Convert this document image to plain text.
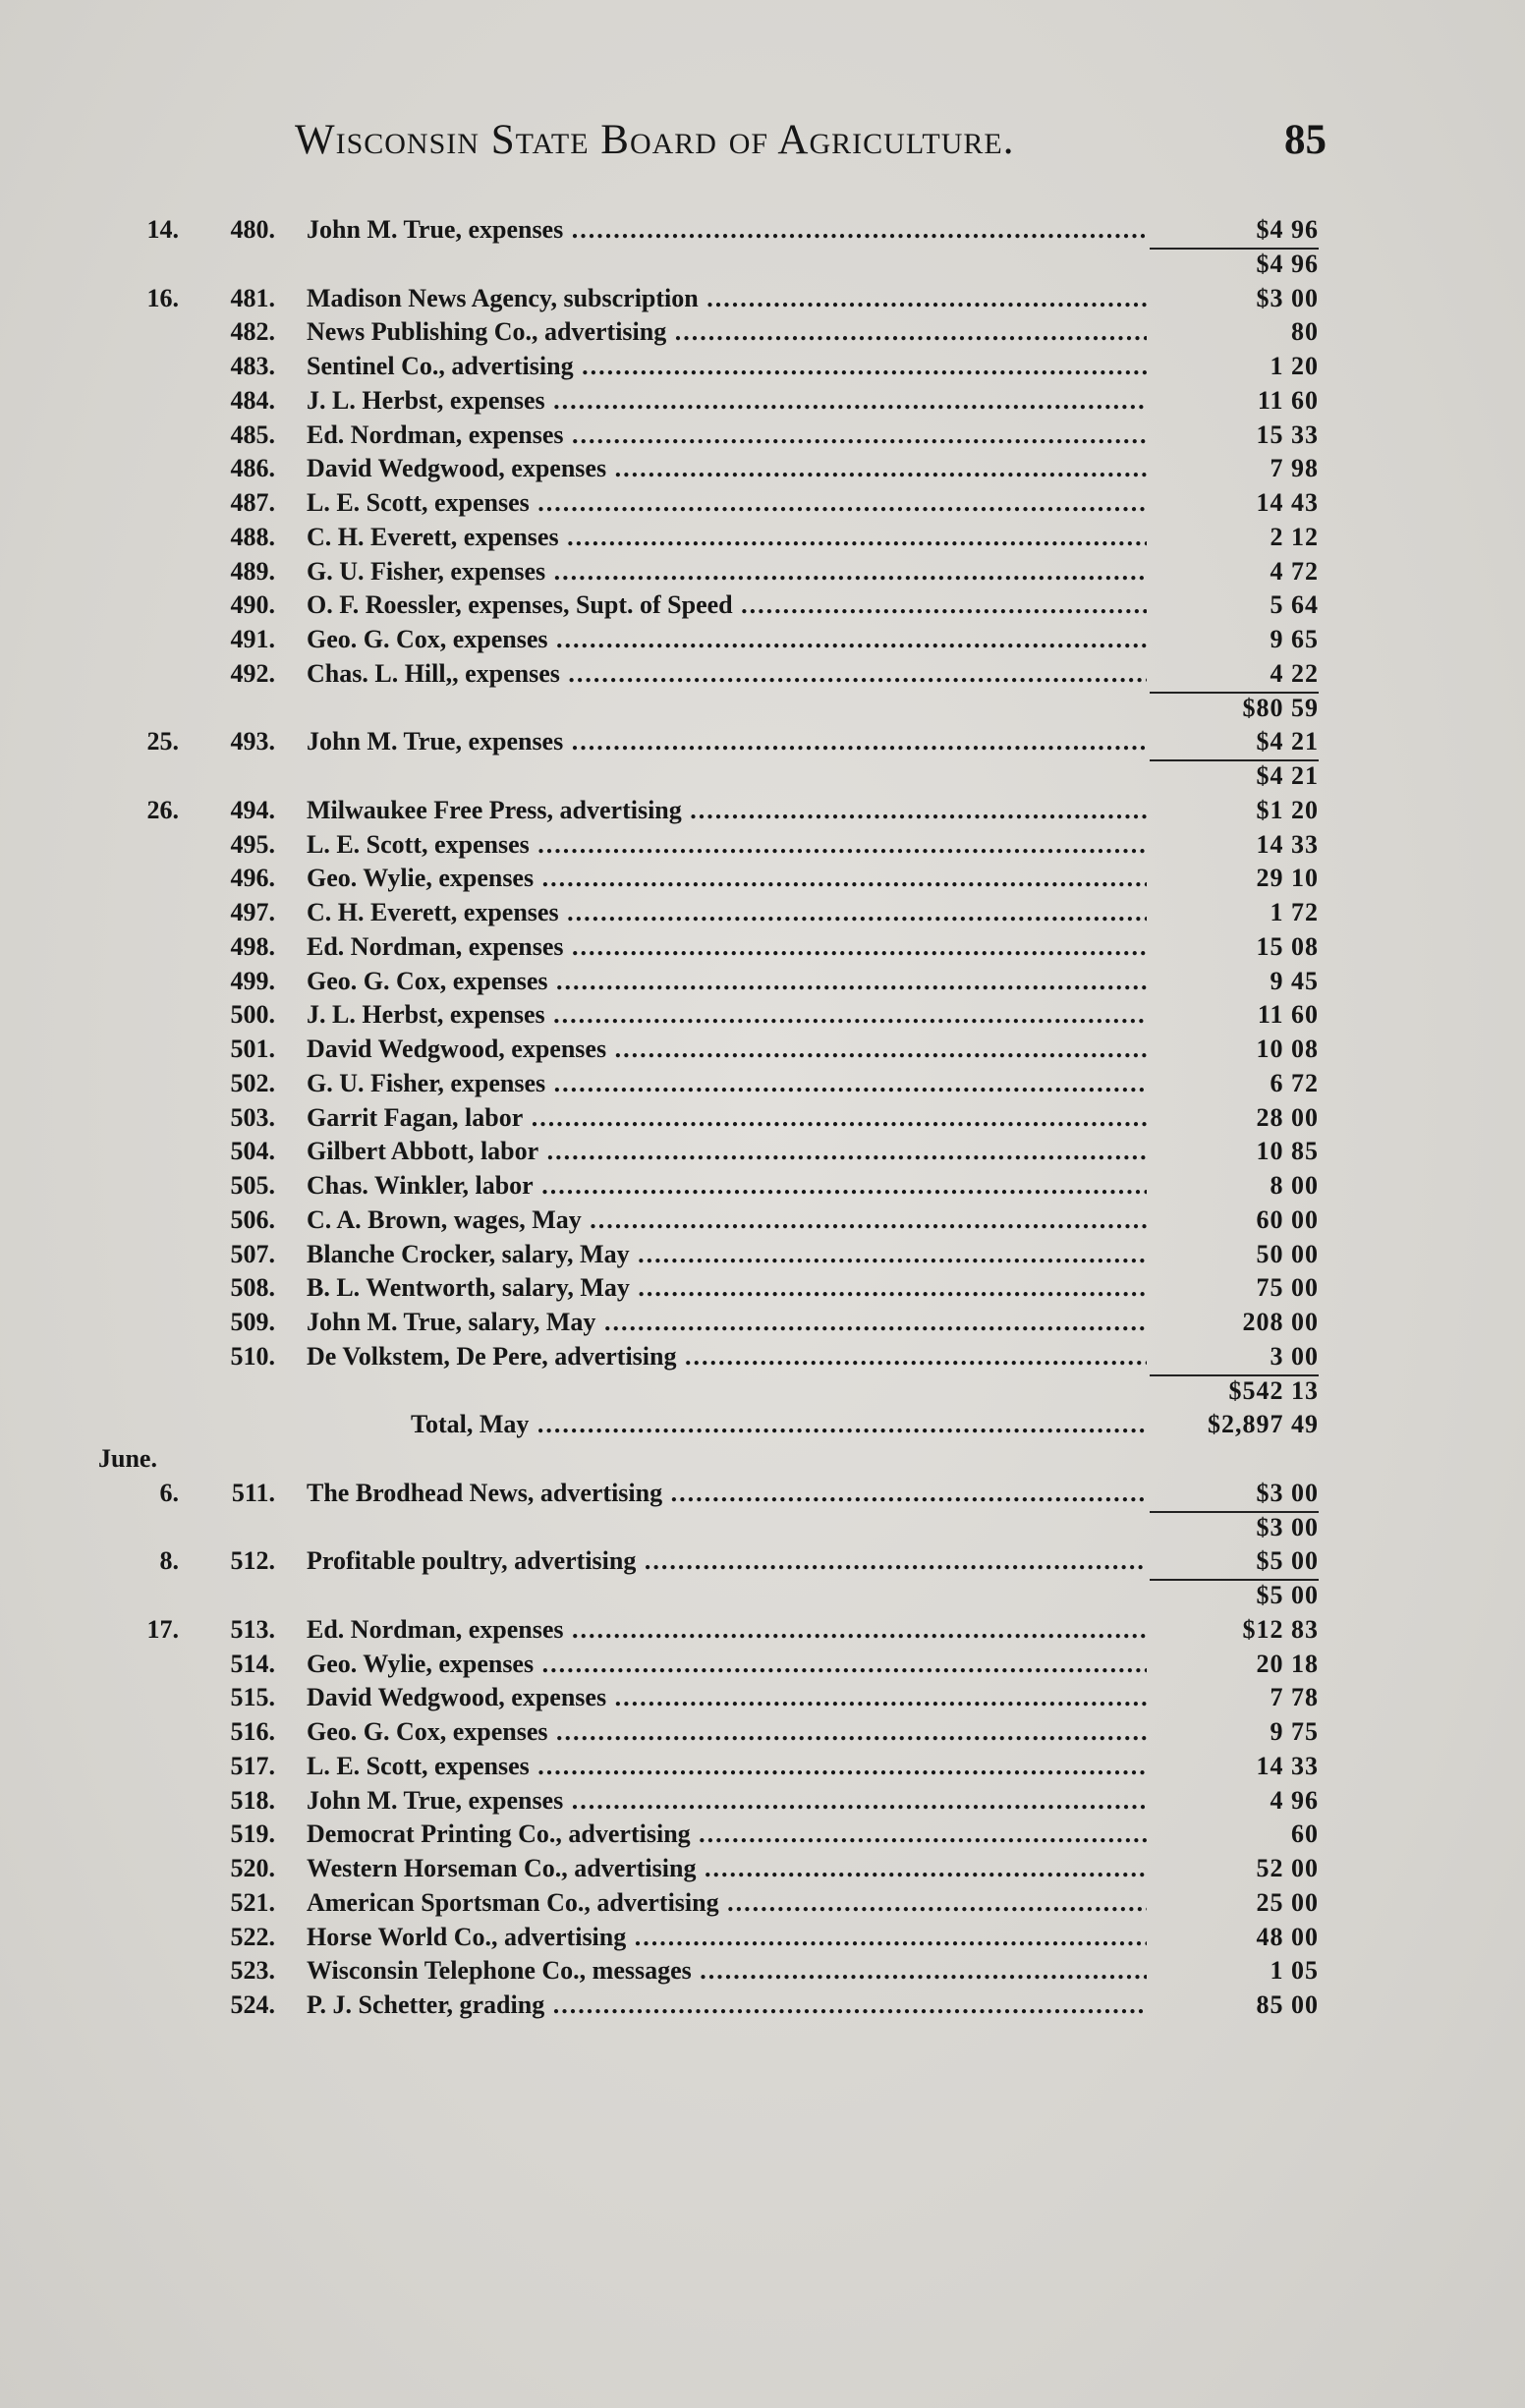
Wisconsin State Board of Agriculture.	85
14. 480. John M. True, expenses .....	$4 96
$4 96
16. 481. Madison News Agency, subscription .....	$3 00
482. News Publishing Co., advertising .....	80
483. Sentinel Co., advertising .....	1 20
484. J. L. Herbst, expenses .....	11 60
485. Ed. Nordman, expenses .....	15 33
486. David Wedgwood, expenses .....	7 98
487. L. E. Scott, expenses .....	14 43
488. C. H. Everett, expenses .....	2 12
489. G. U. Fisher, expenses .....	4 72
490. O. F. Roessler, expenses, Supt. of Speed .....	5 64
491. Geo. G. Cox, expenses .....	9 65
492. Chas. L. Hill,, expenses .....	4 22
$80 59
25. 493. John M. True, expenses .....	$4 21
$4 21
26. 494. Milwaukee Free Press, advertising .....	$1 20
495. L. E. Scott, expenses .....	14 33
496. Geo. Wylie, expenses .....	29 10
497. C. H. Everett, expenses .....	1 72
498. Ed. Nordman, expenses .....	15 08
499. Geo. G. Cox, expenses .....	9 45
500. J. L. Herbst, expenses .....	11 60
501. David Wedgwood, expenses .....	10 08
502. G. U. Fisher, expenses .....	6 72
503. Garrit Fagan, labor .....	28 00
504. Gilbert Abbott, labor .....	10 85
505. Chas. Winkler, labor .....	8 00
506. C. A. Brown, wages, May .....	60 00
507. Blanche Crocker, salary, May .....	50 00
508. B. L. Wentworth, salary, May .....	75 00
509. John M. True, salary, May .....	208 00
510. De Volkstem, De Pere, advertising .....	3 00
$542 13
Total, May .....	$2,897 49
June.
6. 511. The Brodhead News, advertising .....	$3 00
$3 00
8. 512. Profitable poultry, advertising .....	$5 00
$5 00
17. 513. Ed. Nordman, expenses .....	$12 83
514. Geo. Wylie, expenses .....	20 18
515. David Wedgwood, expenses .....	7 78
516. Geo. G. Cox, expenses .....	9 75
517. L. E. Scott, expenses .....	14 33
518. John M. True, expenses .....	4 96
519. Democrat Printing Co., advertising .....	60
520. Western Horseman Co., advertising .....	52 00
521. American Sportsman Co., advertising .....	25 00
522. Horse World Co., advertising .....	48 00
523. Wisconsin Telephone Co., messages .....	1 05
524. P. J. Schetter, grading .....	85 00
